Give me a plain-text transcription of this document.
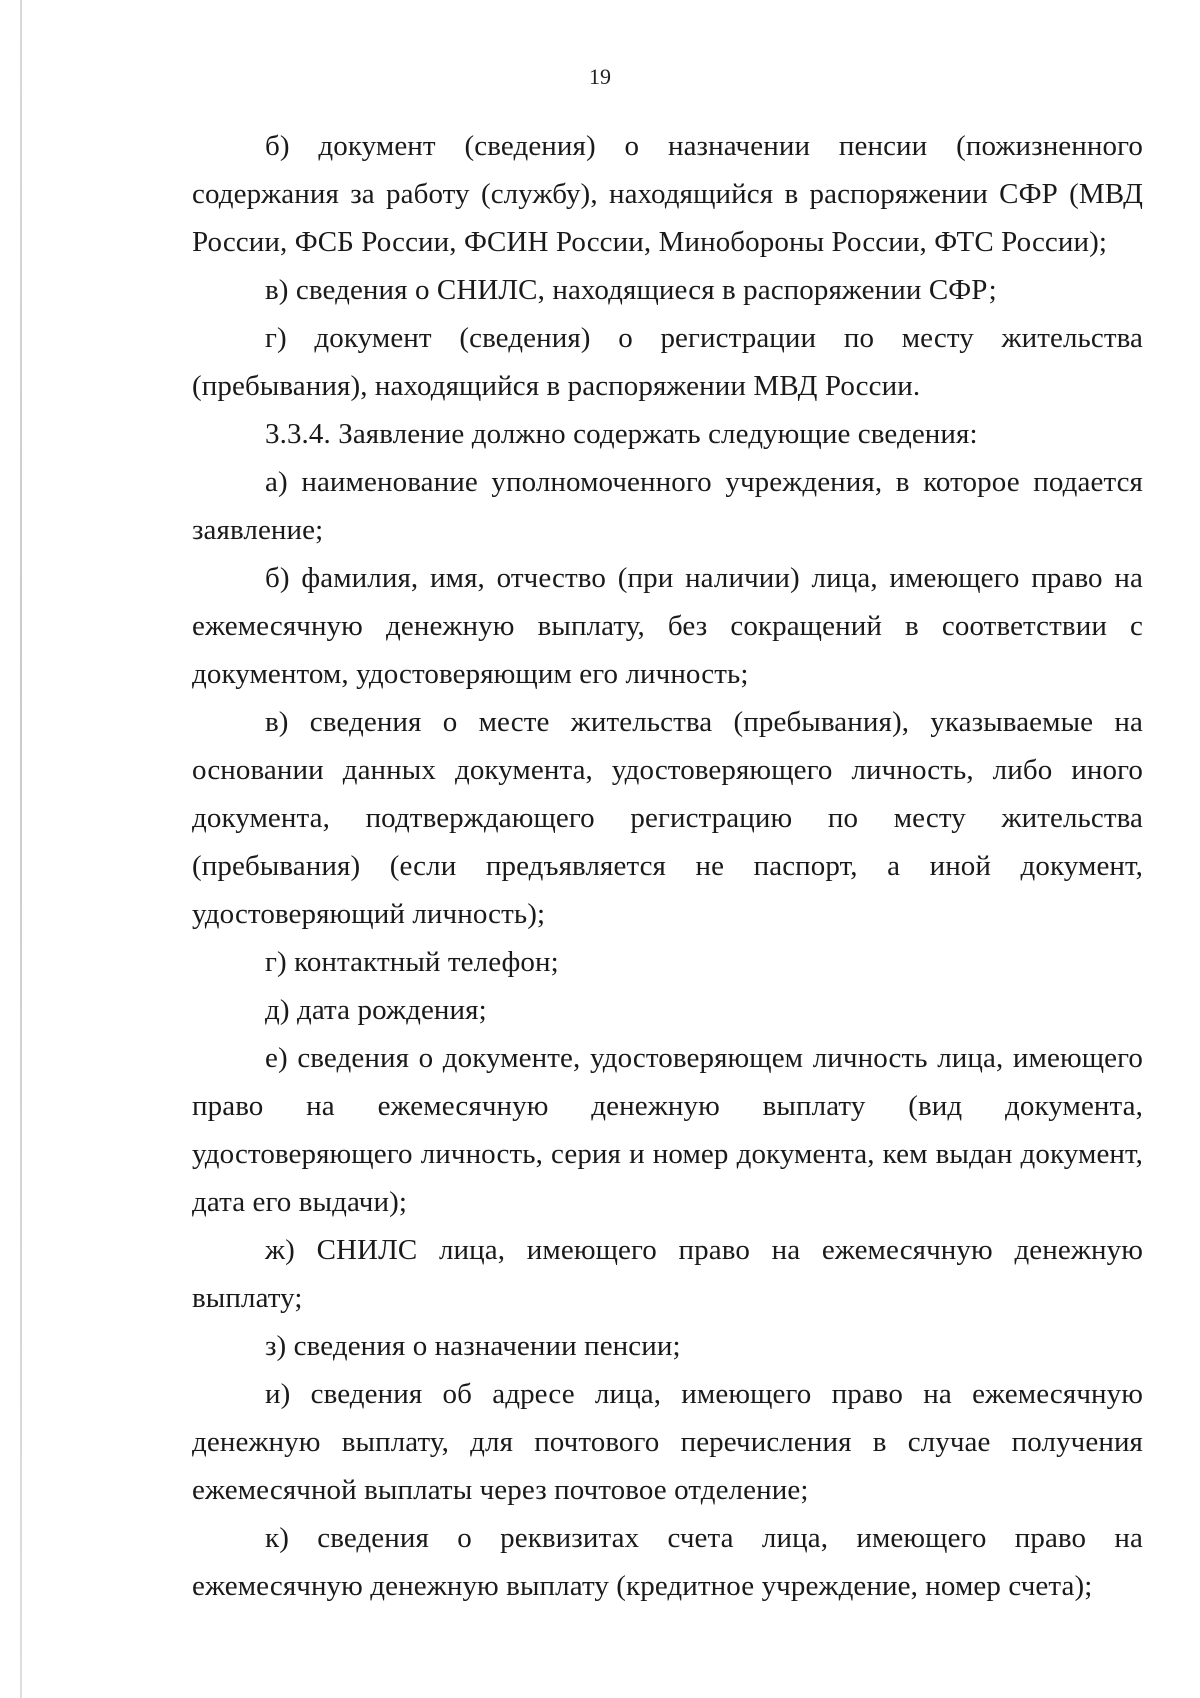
19

б) документ (сведения) о назначении пенсии (пожизненного содержания за работу (службу), находящийся в распоряжении СФР (МВД России, ФСБ России, ФСИН России, Минобороны России, ФТС России);

в) сведения о СНИЛС, находящиеся в распоряжении СФР;

г) документ (сведения) о регистрации по месту жительства (пребывания), находящийся в распоряжении МВД России.

3.3.4. Заявление должно содержать следующие сведения:

а) наименование уполномоченного учреждения, в которое подается заявление;

б) фамилия, имя, отчество (при наличии) лица, имеющего право на ежемесячную денежную выплату, без сокращений в соответствии с документом, удостоверяющим его личность;

в) сведения о месте жительства (пребывания), указываемые на основании данных документа, удостоверяющего личность, либо иного документа, подтверждающего регистрацию по месту жительства (пребывания) (если предъявляется не паспорт, а иной документ, удостоверяющий личность);

г) контактный телефон;

д) дата рождения;

е) сведения о документе, удостоверяющем личность лица, имеющего право на ежемесячную денежную выплату (вид документа, удостоверяющего личность, серия и номер документа, кем выдан документ, дата его выдачи);

ж) СНИЛС лица, имеющего право на ежемесячную денежную выплату;

з) сведения о назначении пенсии;

и) сведения об адресе лица, имеющего право на ежемесячную денежную выплату, для почтового перечисления в случае получения ежемесячной выплаты через почтовое отделение;

к) сведения о реквизитах счета лица, имеющего право на ежемесячную денежную выплату (кредитное учреждение, номер счета);
